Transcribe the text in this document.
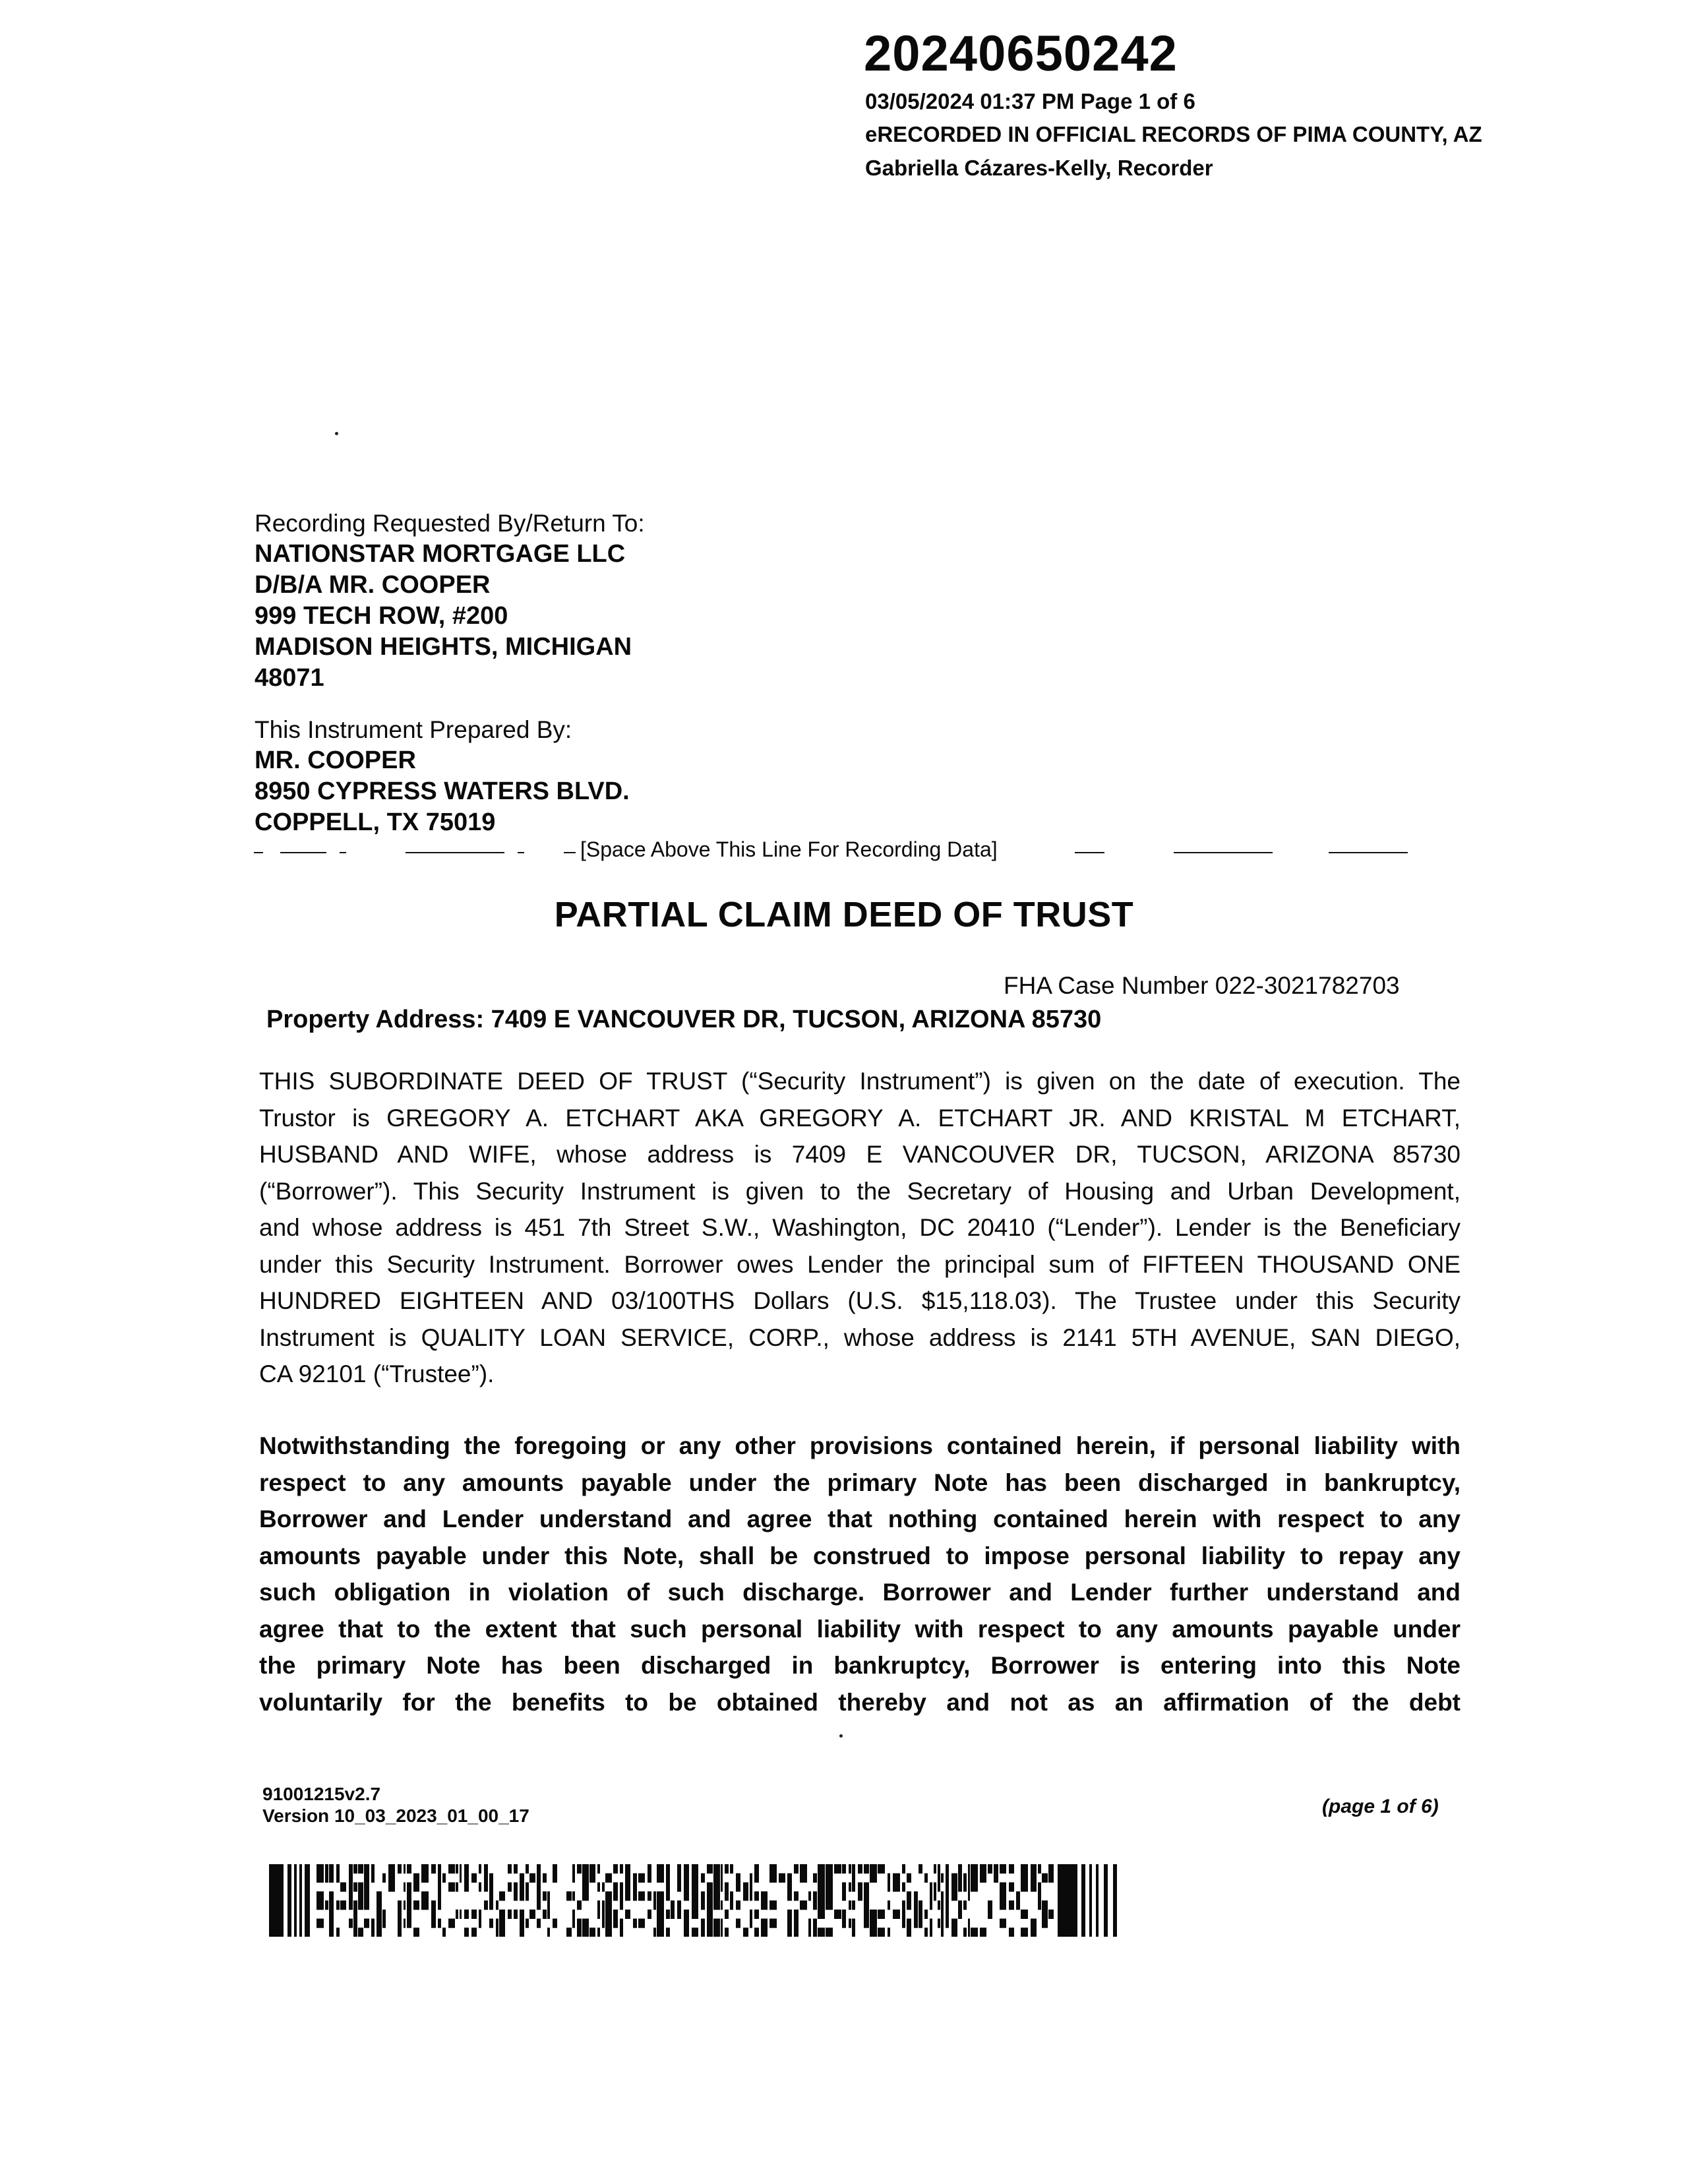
20240650242
03/05/2024 01:37 PM Page 1 of 6
eRECORDED IN OFFICIAL RECORDS OF PIMA COUNTY, AZ
Gabriella Cázares-Kelly, Recorder
Recording Requested By/Return To:
NATIONSTAR MORTGAGE LLC
D/B/A MR. COOPER
999 TECH ROW, #200
MADISON HEIGHTS, MICHIGAN
48071
This Instrument Prepared By:
MR. COOPER
8950 CYPRESS WATERS BLVD.
COPPELL, TX 75019
[Space Above This Line For Recording Data]
PARTIAL CLAIM DEED OF TRUST
FHA Case Number 022-3021782703
Property Address: 7409 E VANCOUVER DR, TUCSON, ARIZONA 85730
THIS SUBORDINATE DEED OF TRUST (“Security Instrument”) is given on the date of execution. The
Trustor is GREGORY A. ETCHART AKA GREGORY A. ETCHART JR. AND KRISTAL M ETCHART,
HUSBAND AND WIFE, whose address is 7409 E VANCOUVER DR, TUCSON, ARIZONA 85730
(“Borrower”). This Security Instrument is given to the Secretary of Housing and Urban Development,
and whose address is 451 7th Street S.W., Washington, DC 20410 (“Lender”). Lender is the Beneficiary
under this Security Instrument. Borrower owes Lender the principal sum of FIFTEEN THOUSAND ONE
HUNDRED EIGHTEEN AND 03/100THS Dollars (U.S. $15,118.03). The Trustee under this Security
Instrument is QUALITY LOAN SERVICE, CORP., whose address is 2141 5TH AVENUE, SAN DIEGO,
CA 92101 (“Trustee”).
Notwithstanding the foregoing or any other provisions contained herein, if personal liability with
respect to any amounts payable under the primary Note has been discharged in bankruptcy,
Borrower and Lender understand and agree that nothing contained herein with respect to any
amounts payable under this Note, shall be construed to impose personal liability to repay any
such obligation in violation of such discharge. Borrower and Lender further understand and
agree that to the extent that such personal liability with respect to any amounts payable under
the primary Note has been discharged in bankruptcy, Borrower is entering into this Note
voluntarily for the benefits to be obtained thereby and not as an affirmation of the debt
91001215v2.7
Version 10_03_2023_01_00_17	(page 1 of 6)
